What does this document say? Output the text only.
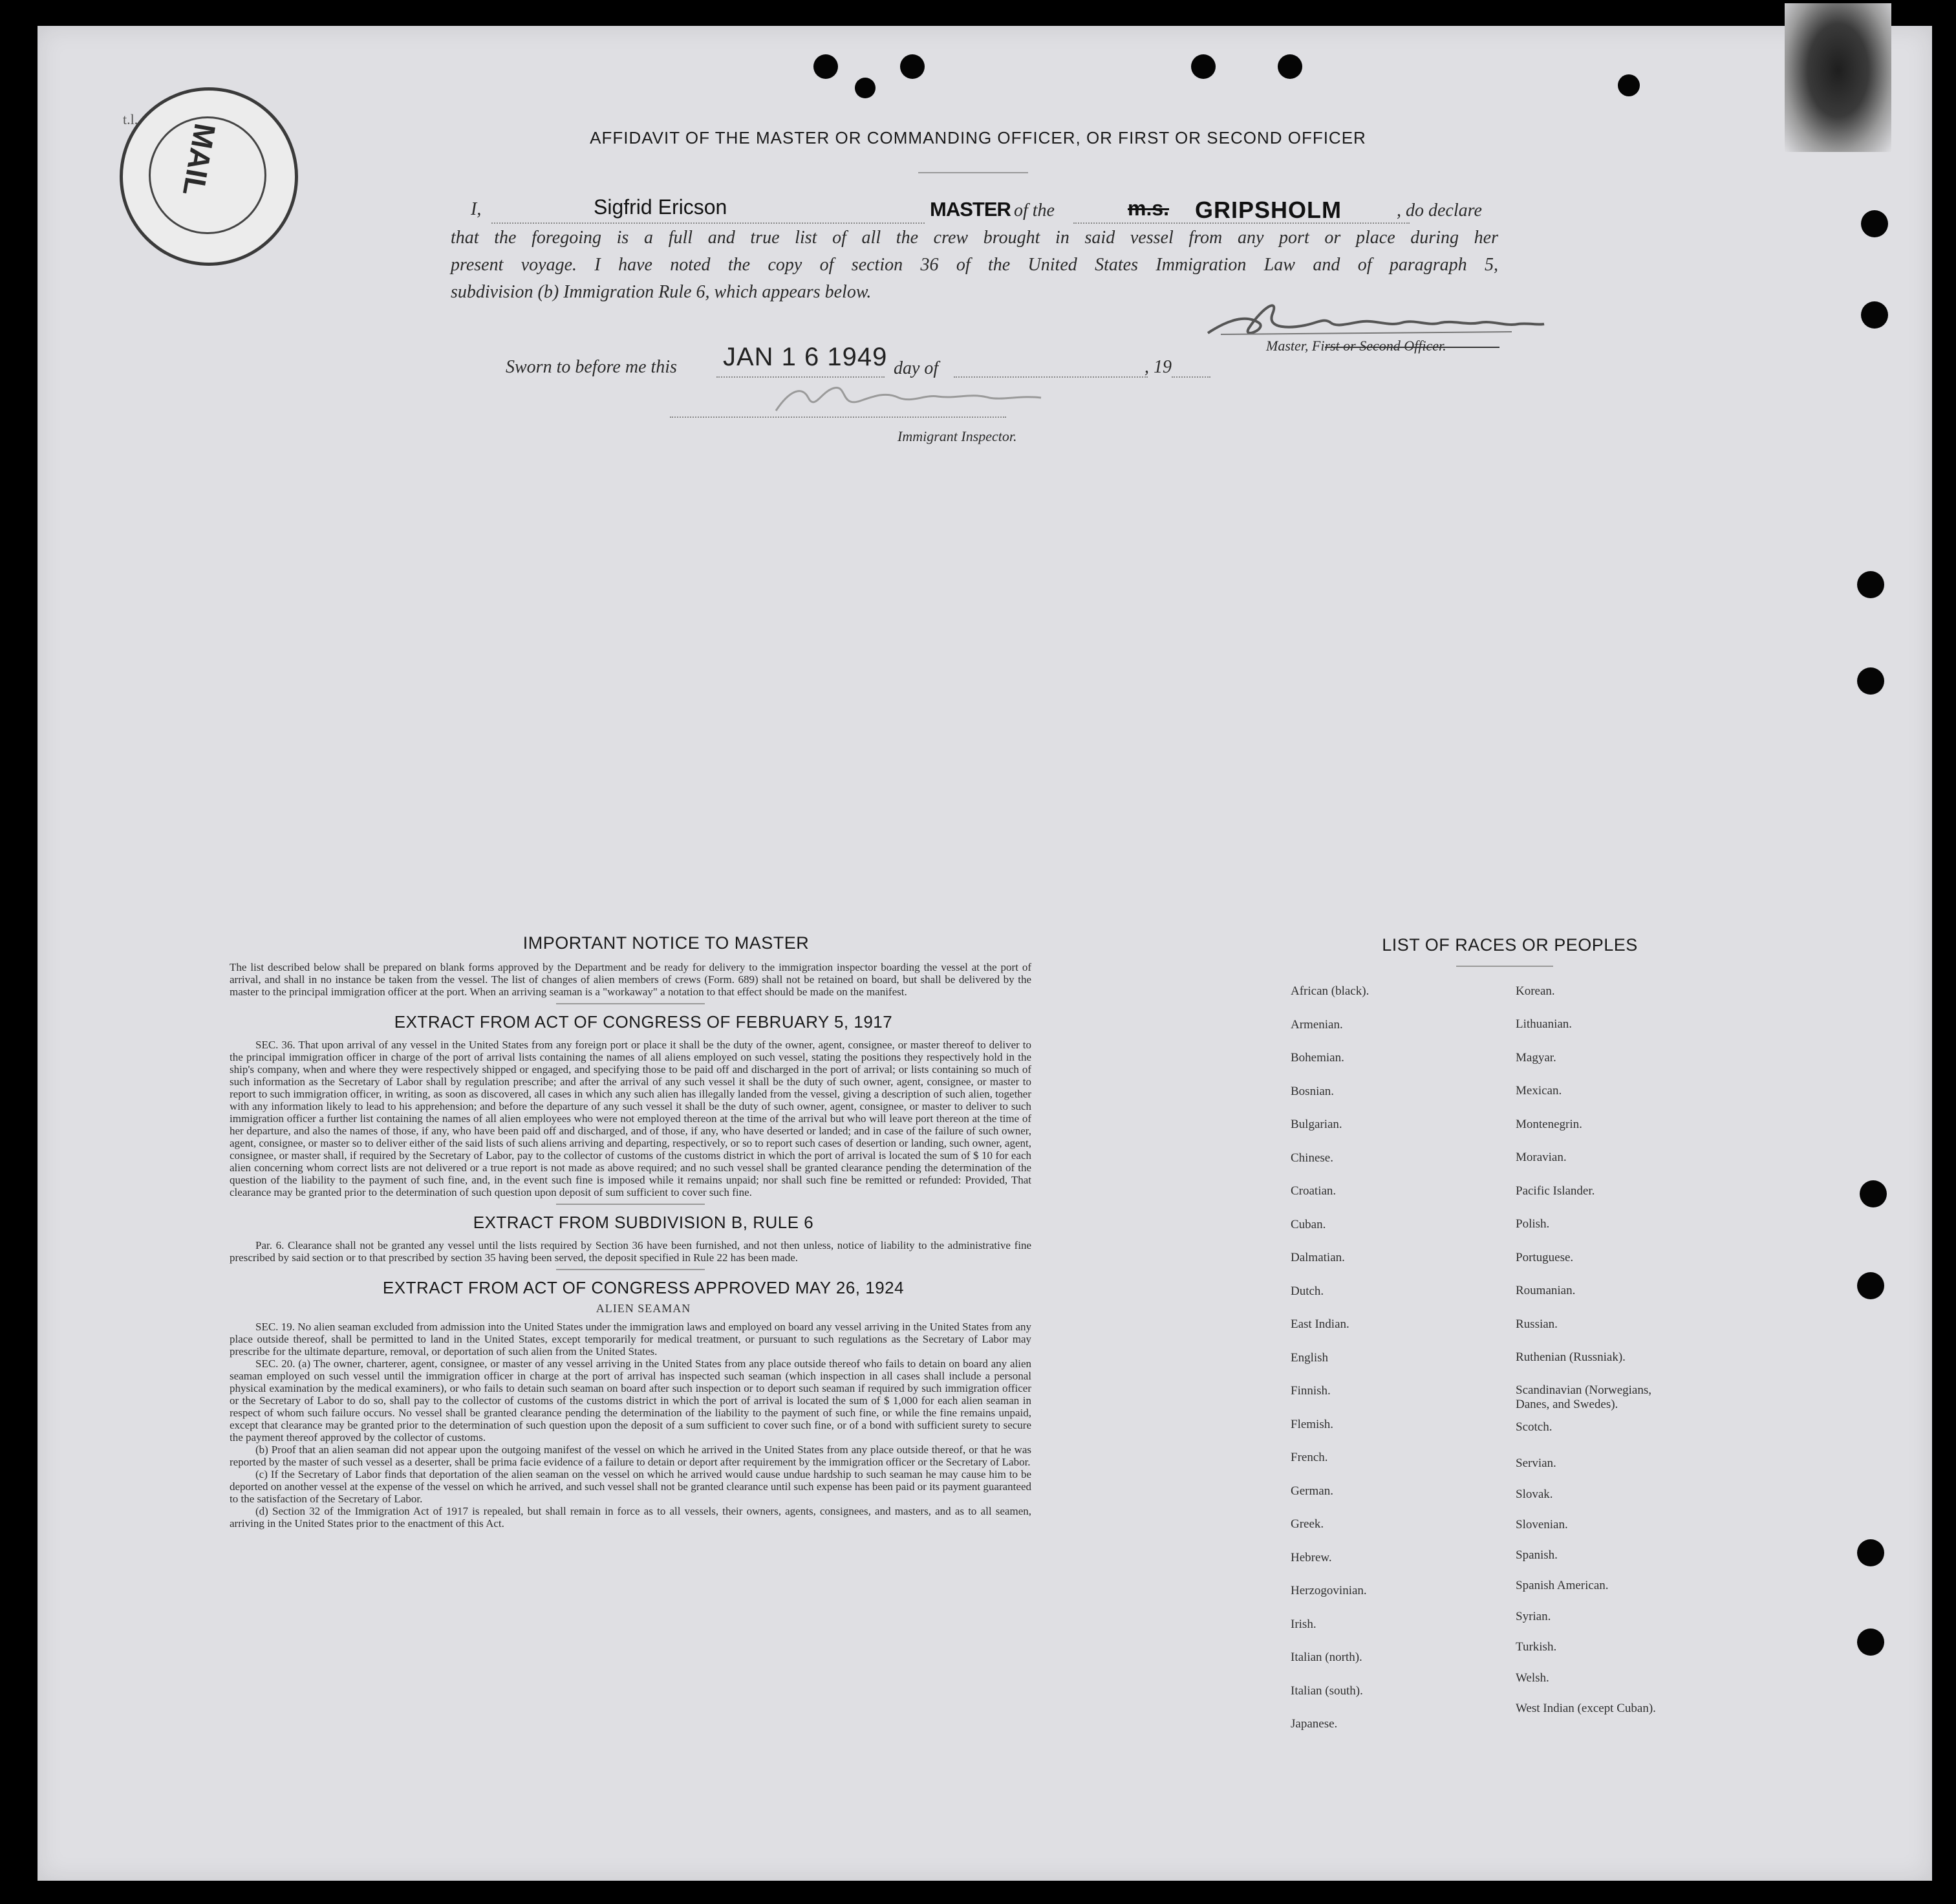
MAIL
t.l.
AFFIDAVIT OF THE MASTER OR COMMANDING OFFICER, OR FIRST OR SECOND OFFICER
I,	Sigfrid Ericson	MASTER of the	m.s. GRIPSHOLM	, do declare
that the foregoing is a full and true list of all the crew brought in said vessel from any port or place during her
present voyage. I have noted the copy of section 36 of the United States Immigration Law and of paragraph 5,
subdivision (b) Immigration Rule 6, which appears below.
Master, First or Second Officer.
Sworn to before me this JAN 1 6 1949 day of	, 19
Immigrant Inspector.
IMPORTANT NOTICE TO MASTER

The list described below shall be prepared on blank forms approved by the Department and be ready for delivery to the immigration inspector boarding the vessel at the port of arrival, and shall in no instance be taken from the vessel. The list of changes of alien members of crews (Form. 689) shall not be retained on board, but shall be delivered by the master to the principal immigration officer at the port. When an arriving seaman is a "workaway" a notation to that effect should be made on the manifest.

EXTRACT FROM ACT OF CONGRESS OF FEBRUARY 5, 1917

SEC. 36. That upon arrival of any vessel in the United States from any foreign port or place it shall be the duty of the owner, agent, consignee, or master thereof to deliver to the principal immigration officer in charge of the port of arrival lists containing the names of all aliens employed on such vessel, stating the positions they respectively hold in the ship's company, when and where they were respectively shipped or engaged, and specifying those to be paid off and discharged in the port of arrival; or lists containing so much of such information as the Secretary of Labor shall by regulation prescribe; and after the arrival of any such vessel it shall be the duty of such owner, agent, consignee, or master to report to such immigration officer, in writing, as soon as discovered, all cases in which any such alien has illegally landed from the vessel, giving a description of such alien, together with any information likely to lead to his apprehension; and before the departure of any such vessel it shall be the duty of such owner, agent, consignee, or master to deliver to such immigration officer a further list containing the names of all alien employees who were not employed thereon at the time of the arrival but who will leave port thereon at the time of her departure, and also the names of those, if any, who have been paid off and discharged, and of those, if any, who have deserted or landed; and in case of the failure of such owner, agent, consignee, or master so to deliver either of the said lists of such aliens arriving and departing, respectively, or so to report such cases of desertion or landing, such owner, agent, consignee, or master shall, if required by the Secretary of Labor, pay to the collector of customs of the customs district in which the port of arrival is located the sum of $ 10 for each alien concerning whom correct lists are not delivered or a true report is not made as above required; and no such vessel shall be granted clearance pending the determination of the question of the liability to the payment of such fine, and, in the event such fine is imposed while it remains unpaid; nor shall such fine be remitted or refunded: Provided, That clearance may be granted prior to the determination of such question upon deposit of sum sufficient to cover such fine.

EXTRACT FROM SUBDIVISION B, RULE 6

Par. 6. Clearance shall not be granted any vessel until the lists required by Section 36 have been furnished, and not then unless, notice of liability to the administrative fine prescribed by said section or to that prescribed by section 35 having been served, the deposit specified in Rule 22 has been made.

EXTRACT FROM ACT OF CONGRESS APPROVED MAY 26, 1924
ALIEN SEAMAN

SEC. 19. No alien seaman excluded from admission into the United States under the immigration laws and employed on board any vessel arriving in the United States from any place outside thereof, shall be permitted to land in the United States, except temporarily for medical treatment, or pursuant to such regulations as the Secretary of Labor may prescribe for the ultimate departure, removal, or deportation of such alien from the United States.

SEC. 20. (a) The owner, charterer, agent, consignee, or master of any vessel arriving in the United States from any place outside thereof who fails to detain on board any alien seaman employed on such vessel until the immigration officer in charge at the port of arrival has inspected such seaman (which inspection in all cases shall include a personal physical examination by the medical examiners), or who fails to detain such seaman on board after such inspection or to deport such seaman if required by such immigration officer or the Secretary of Labor to do so, shall pay to the collector of customs of the customs district in which the port of arrival is located the sum of $ 1,000 for each alien seaman in respect of whom such failure occurs. No vessel shall be granted clearance pending the determination of the liability to the payment of such fine, or while the fine remains unpaid, except that clearance may be granted prior to the determination of such question upon the deposit of a sum sufficient to cover such fine, or of a bond with sufficient surety to secure the payment thereof approved by the collector of customs.

(b) Proof that an alien seaman did not appear upon the outgoing manifest of the vessel on which he arrived in the United States from any place outside thereof, or that he was reported by the master of such vessel as a deserter, shall be prima facie evidence of a failure to detain or deport after requirement by the immigration officer or the Secretary of Labor.

(c) If the Secretary of Labor finds that deportation of the alien seaman on the vessel on which he arrived would cause undue hardship to such seaman he may cause him to be deported on another vessel at the expense of the vessel on which he arrived, and such vessel shall not be granted clearance until such expense has been paid or its payment guaranteed to the satisfaction of the Secretary of Labor.

(d) Section 32 of the Immigration Act of 1917 is repealed, but shall remain in force as to all vessels, their owners, agents, consignees, and masters, and as to all seamen, arriving in the United States prior to the enactment of this Act.

LIST OF RACES OR PEOPLES
African (black).
Armenian.
Bohemian.
Bosnian.
Bulgarian.
Chinese.
Croatian.
Cuban.
Dalmatian.
Dutch.
East Indian.
English
Finnish.
Flemish.
French.
German.
Greek.
Hebrew.
Herzogovinian.
Irish.
Italian (north).
Italian (south).
Japanese.
Korean.
Lithuanian.
Magyar.
Mexican.
Montenegrin.
Moravian.
Pacific Islander.
Polish.
Portuguese.
Roumanian.
Russian.
Ruthenian (Russniak).
Scandinavian (Norwegians,
Danes, and Swedes).
Scotch.
Servian.
Slovak.
Slovenian.
Spanish.
Spanish American.
Syrian.
Turkish.
Welsh.
West Indian (except Cuban).
